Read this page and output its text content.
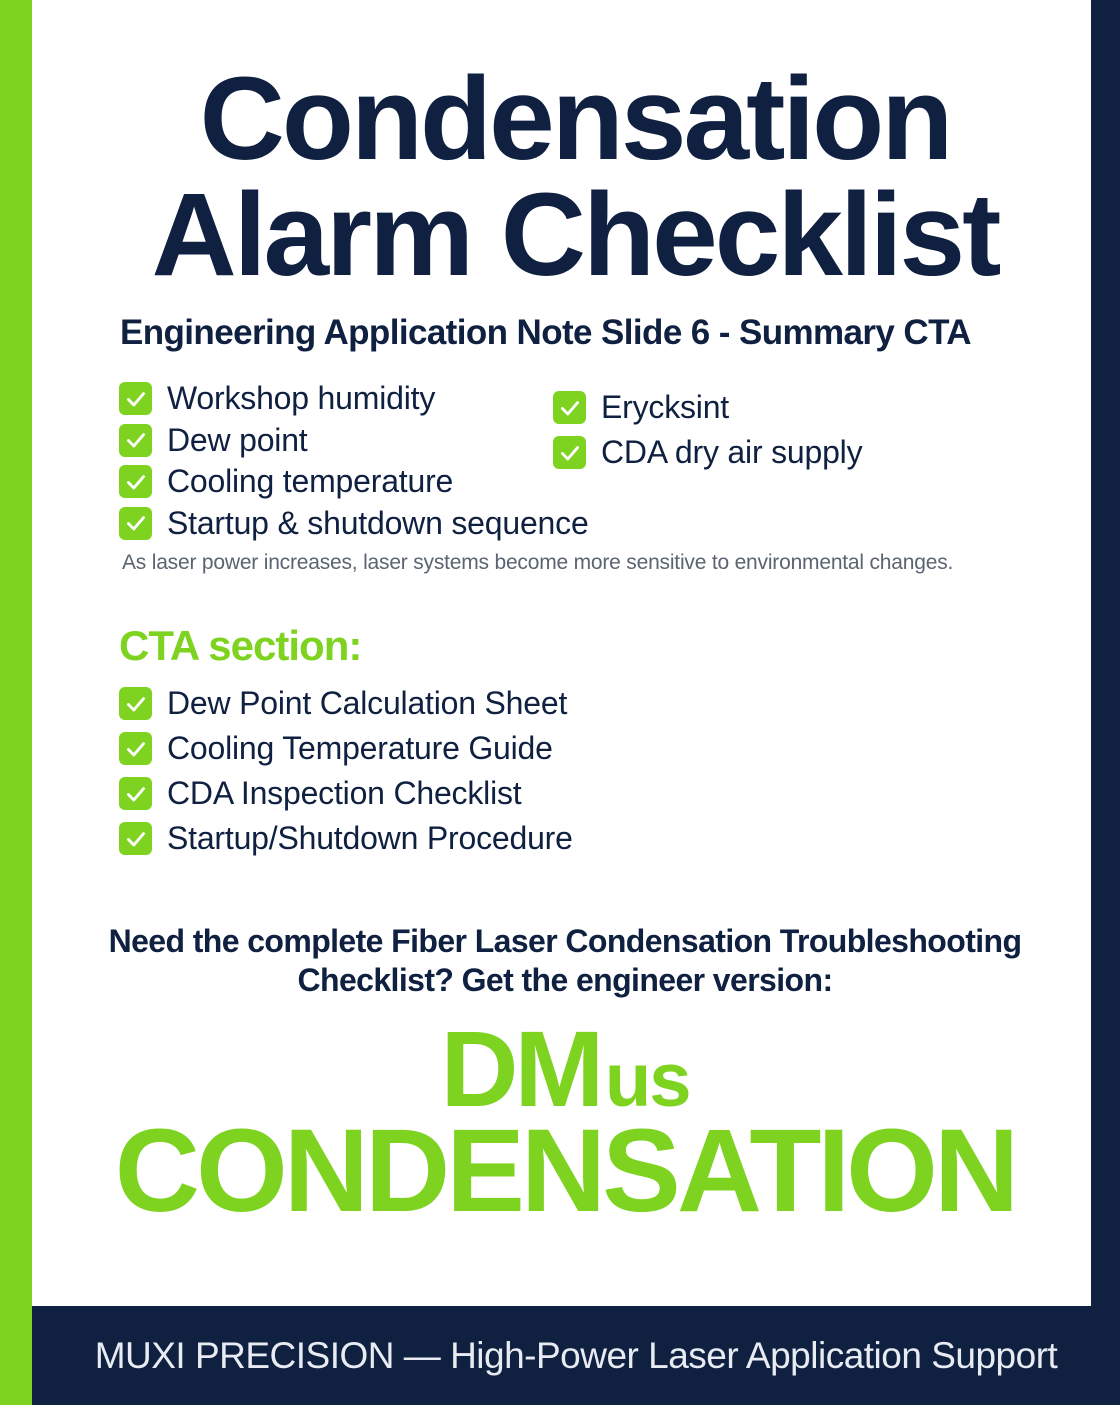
Condensation
Alarm Checklist
Engineering Application Note Slide 6 - Summary CTA
Workshop humidity
Dew point
Cooling temperature
Startup & shutdown sequence
Erycksint
CDA dry air supply
As laser power increases, laser systems become more sensitive to environmental changes.
CTA section:
Dew Point Calculation Sheet
Cooling Temperature Guide
CDA Inspection Checklist
Startup/Shutdown Procedure
Need the complete Fiber Laser Condensation Troubleshooting
Checklist? Get the engineer version:
DM us
CONDENSATION
MUXI PRECISION — High-Power Laser Application Support
